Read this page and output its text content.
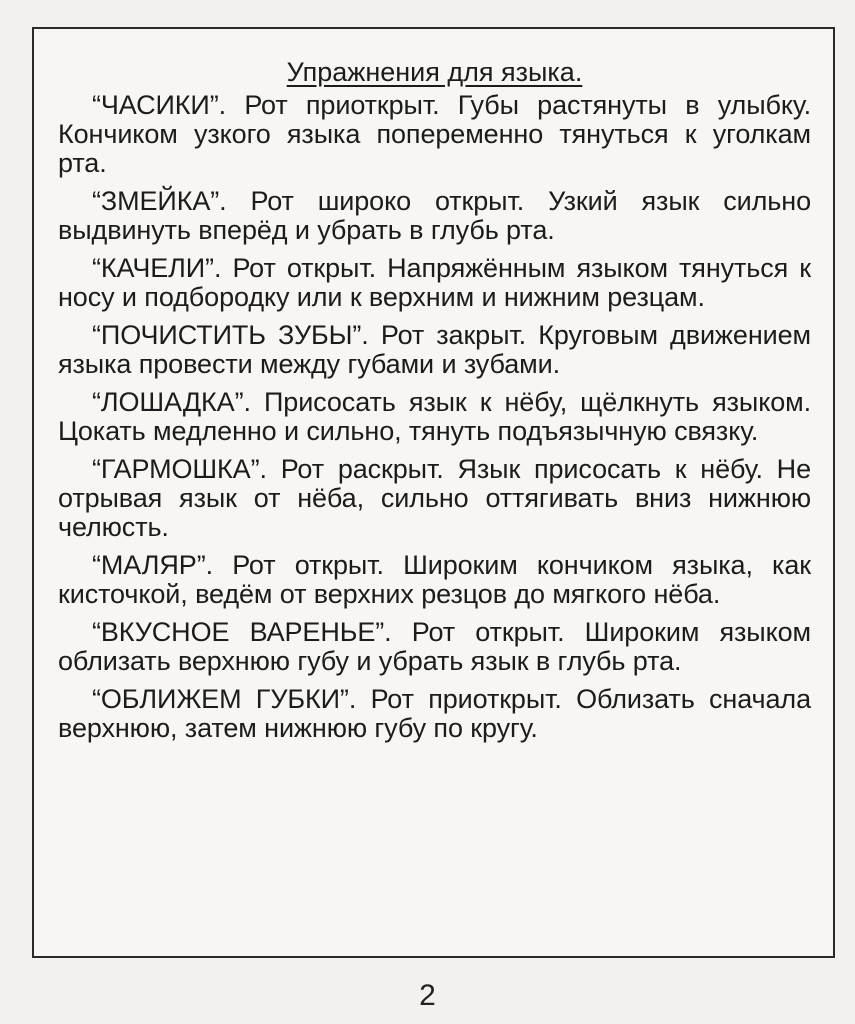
Упражнения для языка.

“ЧАСИКИ”. Рот приоткрыт. Губы растянуты в улыбку. Кончиком узкого языка попеременно тянуться к уголкам рта.

“ЗМЕЙКА”. Рот широко открыт. Узкий язык сильно выдвинуть вперёд и убрать в глубь рта.

“КАЧЕЛИ”. Рот открыт. Напряжённым языком тянуться к носу и подбородку или к верхним и нижним резцам.

“ПОЧИСТИТЬ ЗУБЫ”. Рот закрыт. Круговым движением языка провести между губами и зубами.

“ЛОШАДКА”. Присосать язык к нёбу, щёлкнуть языком. Цокать медленно и сильно, тянуть подъязычную связку.

“ГАРМОШКА”. Рот раскрыт. Язык присосать к нёбу. Не отрывая язык от нёба, сильно оттягивать вниз нижнюю челюсть.

“МАЛЯР”. Рот открыт. Широким кончиком языка, как кисточкой, ведём от верхних резцов до мягкого нёба.

“ВКУСНОЕ ВАРЕНЬЕ”. Рот открыт. Широким языком облизать верхнюю губу и убрать язык в глубь рта.

“ОБЛИЖЕМ ГУБКИ”. Рот приоткрыт. Облизать сначала верхнюю, затем нижнюю губу по кругу.

2
